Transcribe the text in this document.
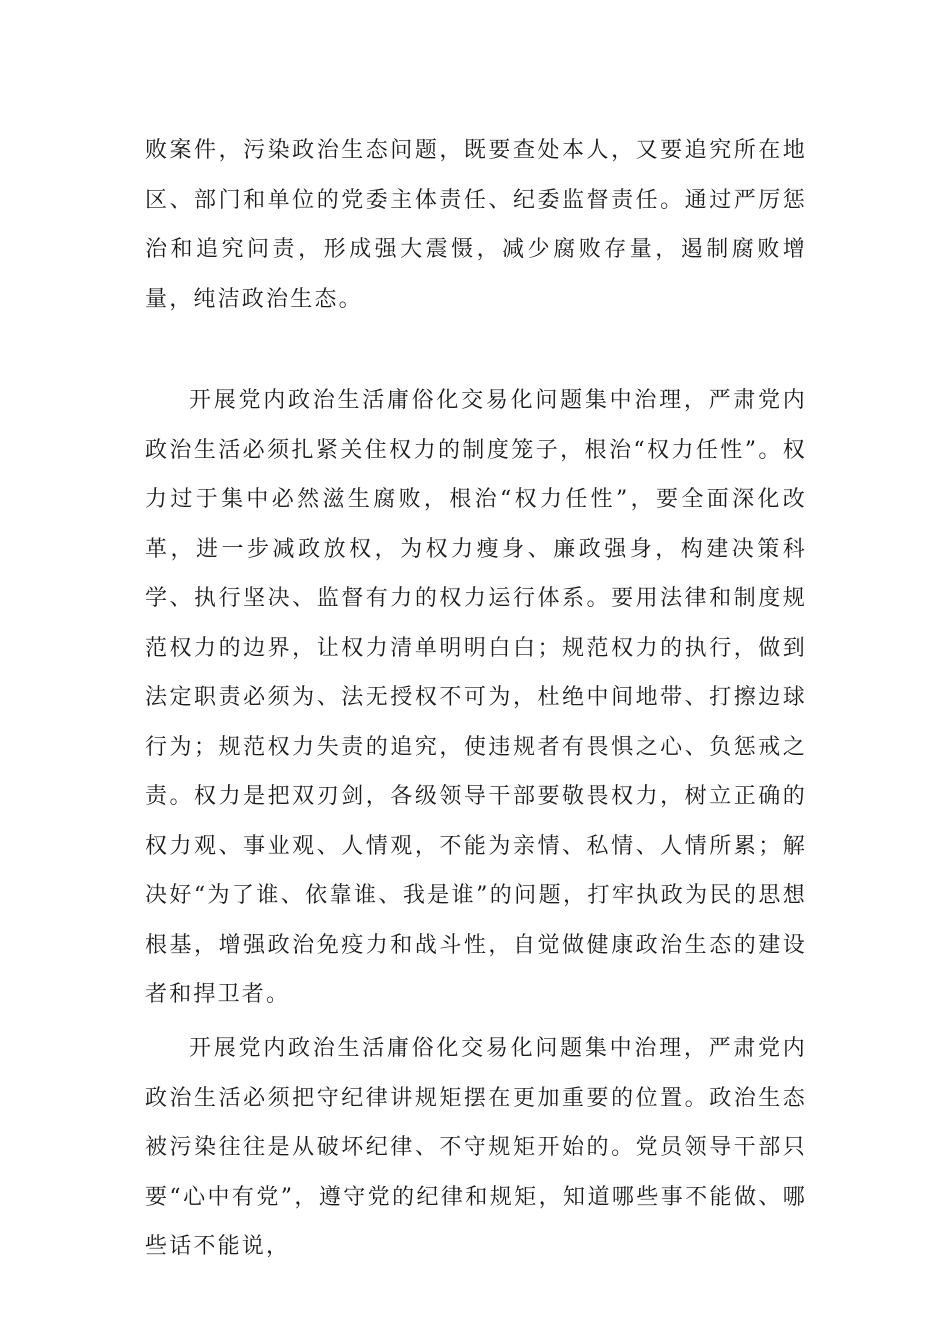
败案件，污染政治生态问题，既要查处本人，又要追究所在地区、部门和单位的党委主体责任、纪委监督责任。通过严厉惩治和追究问责，形成强大震慑，减少腐败存量，遏制腐败增量，纯洁政治生态。

开展党内政治生活庸俗化交易化问题集中治理，严肃党内政治生活必须扎紧关住权力的制度笼子，根治“权力任性”。权力过于集中必然滋生腐败，根治“权力任性”，要全面深化改革，进一步减政放权，为权力瘦身、廉政强身，构建决策科学、执行坚决、监督有力的权力运行体系。要用法律和制度规范权力的边界，让权力清单明明白白；规范权力的执行，做到法定职责必须为、法无授权不可为，杜绝中间地带、打擦边球行为；规范权力失责的追究，使违规者有畏惧之心、负惩戒之责。权力是把双刃剑，各级领导干部要敬畏权力，树立正确的权力观、事业观、人情观，不能为亲情、私情、人情所累；解决好“为了谁、依靠谁、我是谁”的问题，打牢执政为民的思想根基，增强政治免疫力和战斗性，自觉做健康政治生态的建设者和捍卫者。

开展党内政治生活庸俗化交易化问题集中治理，严肃党内政治生活必须把守纪律讲规矩摆在更加重要的位置。政治生态被污染往往是从破坏纪律、不守规矩开始的。党员领导干部只要“心中有党”，遵守党的纪律和规矩，知道哪些事不能做、哪些话不能说，
